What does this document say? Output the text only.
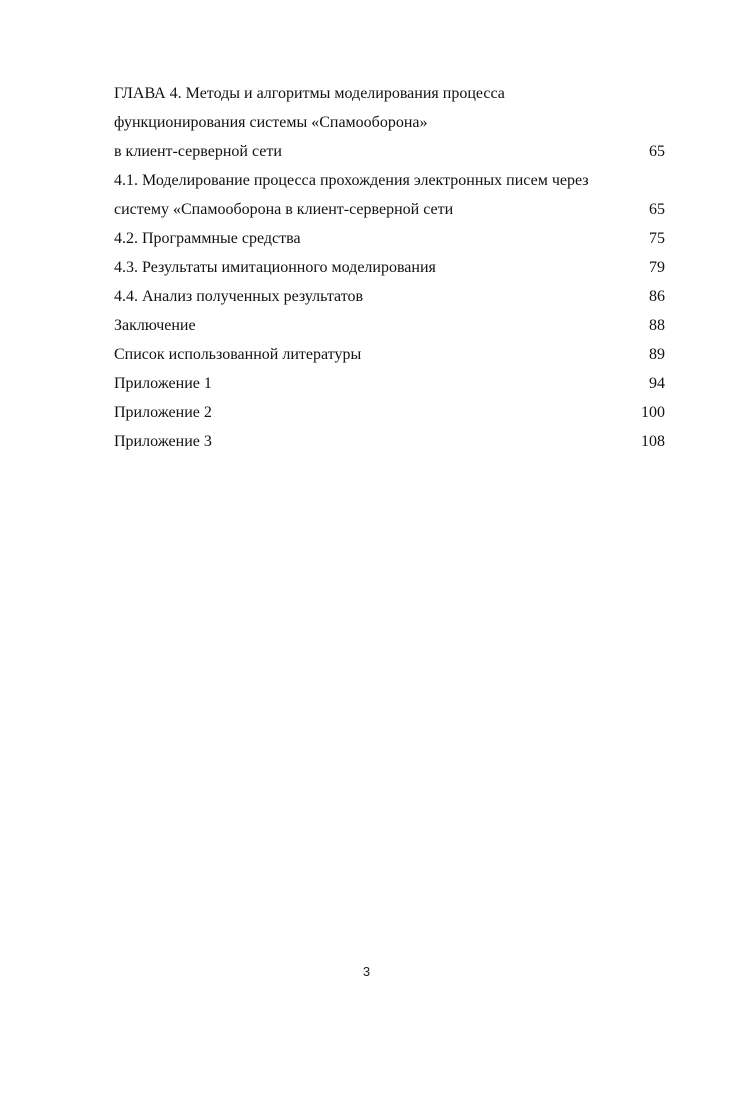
ГЛАВА 4. Методы и алгоритмы моделирования процесса
функционирования системы «Спамооборона»
в клиент-серверной сети	65
4.1. Моделирование процесса прохождения электронных писем через
систему «Спамооборона в клиент-серверной сети	65
4.2. Программные средства	75
4.3. Результаты имитационного моделирования	79
4.4. Анализ полученных результатов	86
Заключение	88
Список использованной литературы	89
Приложение 1	94
Приложение 2	100
Приложение 3	108
3
